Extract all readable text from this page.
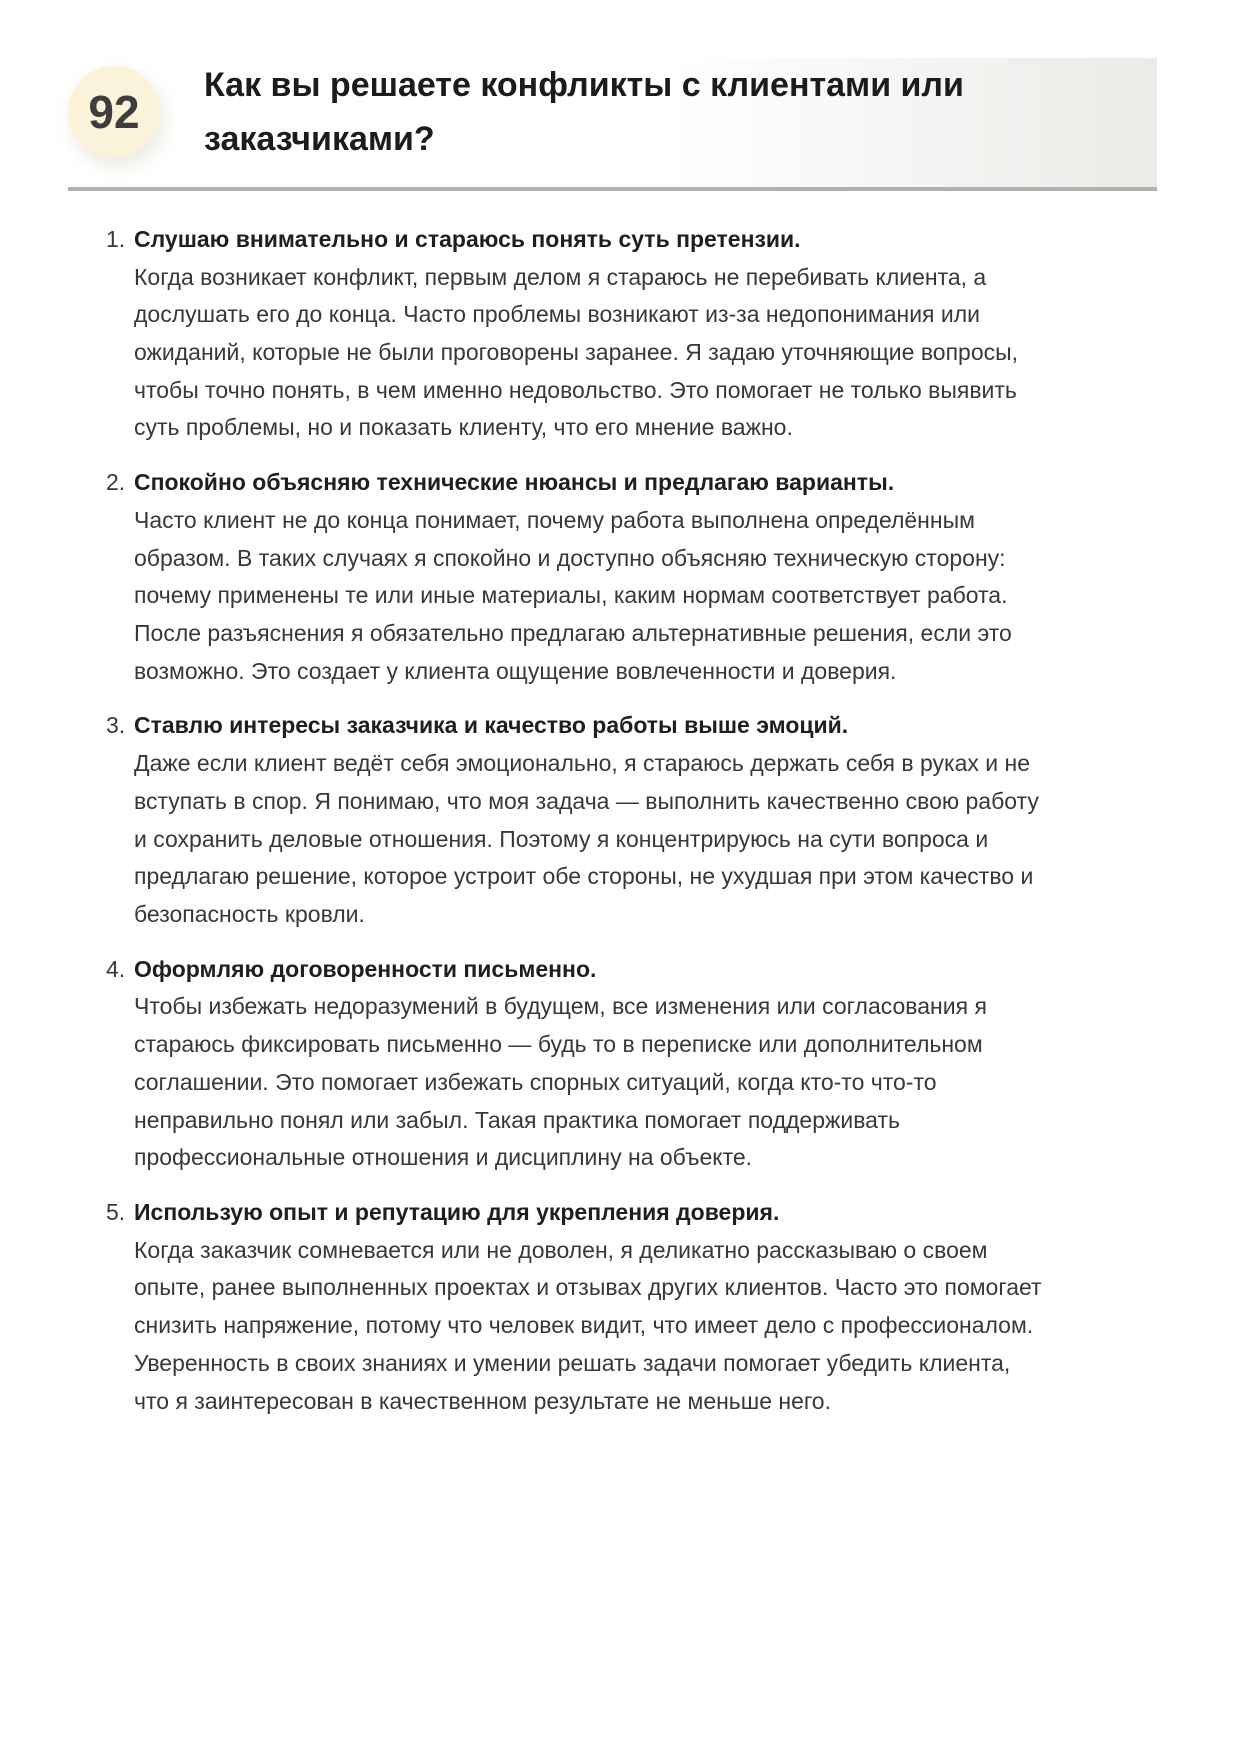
92
Как вы решаете конфликты с клиентами или заказчиками?
1. Слушаю внимательно и стараюсь понять суть претензии.

Когда возникает конфликт, первым делом я стараюсь не перебивать клиента, а дослушать его до конца. Часто проблемы возникают из-за недопонимания или ожиданий, которые не были проговорены заранее. Я задаю уточняющие вопросы, чтобы точно понять, в чем именно недовольство. Это помогает не только выявить суть проблемы, но и показать клиенту, что его мнение важно.

2. Спокойно объясняю технические нюансы и предлагаю варианты.

Часто клиент не до конца понимает, почему работа выполнена определённым образом. В таких случаях я спокойно и доступно объясняю техническую сторону: почему применены те или иные материалы, каким нормам соответствует работа. После разъяснения я обязательно предлагаю альтернативные решения, если это возможно. Это создает у клиента ощущение вовлеченности и доверия.

3. Ставлю интересы заказчика и качество работы выше эмоций.

Даже если клиент ведёт себя эмоционально, я стараюсь держать себя в руках и не вступать в спор. Я понимаю, что моя задача — выполнить качественно свою работу и сохранить деловые отношения. Поэтому я концентрируюсь на сути вопроса и предлагаю решение, которое устроит обе стороны, не ухудшая при этом качество и безопасность кровли.

4. Оформляю договоренности письменно.

Чтобы избежать недоразумений в будущем, все изменения или согласования я стараюсь фиксировать письменно — будь то в переписке или дополнительном соглашении. Это помогает избежать спорных ситуаций, когда кто-то что-то неправильно понял или забыл. Такая практика помогает поддерживать профессиональные отношения и дисциплину на объекте.

5. Использую опыт и репутацию для укрепления доверия.

Когда заказчик сомневается или не доволен, я деликатно рассказываю о своем опыте, ранее выполненных проектах и отзывах других клиентов. Часто это помогает снизить напряжение, потому что человек видит, что имеет дело с профессионалом. Уверенность в своих знаниях и умении решать задачи помогает убедить клиента, что я заинтересован в качественном результате не меньше него.
